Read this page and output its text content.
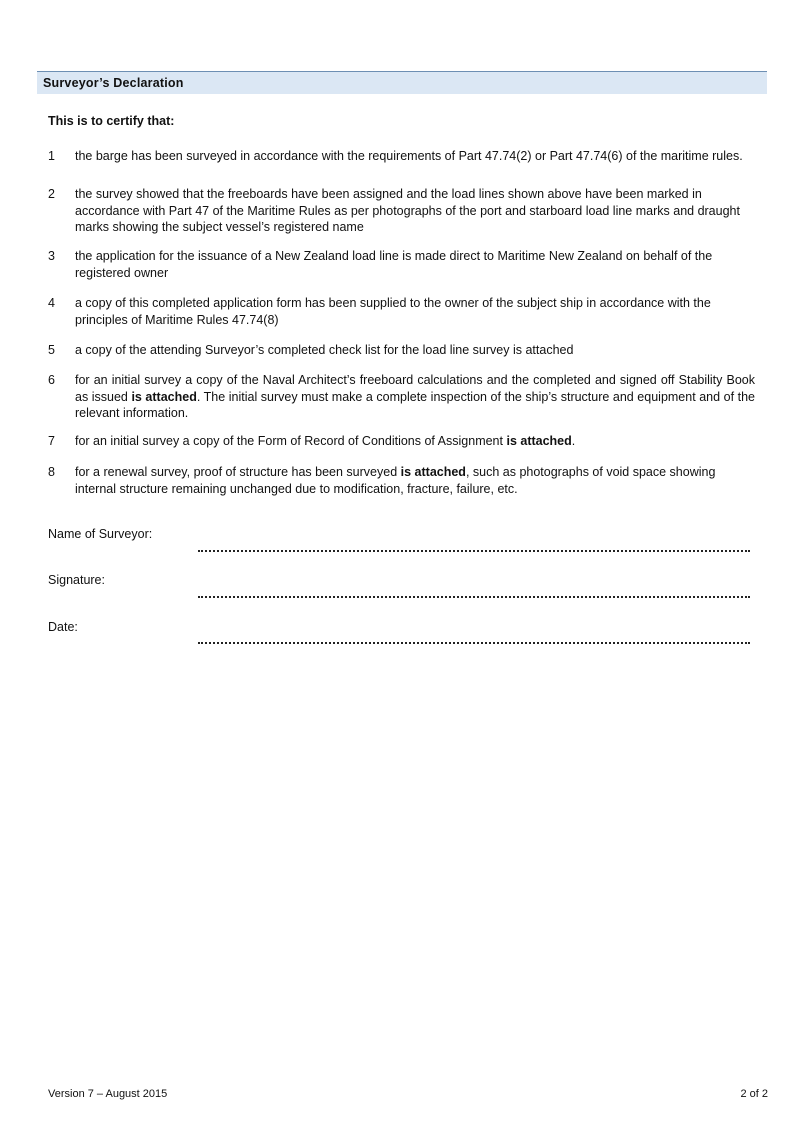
Surveyor’s Declaration
This is to certify that:
1 the barge has been surveyed in accordance with the requirements of Part 47.74(2) or Part 47.74(6) of the maritime rules.
2 the survey showed that the freeboards have been assigned and the load lines shown above have been marked in accordance with Part 47 of the Maritime Rules as per photographs of the port and starboard load line marks and draught marks showing the subject vessel’s registered name
3 the application for the issuance of a New Zealand load line is made direct to Maritime New Zealand on behalf of the registered owner
4 a copy of this completed application form has been supplied to the owner of the subject ship in accordance with the principles of Maritime Rules 47.74(8)
5 a copy of the attending Surveyor’s completed check list for the load line survey is attached
6 for an initial survey a copy of the Naval Architect’s freeboard calculations and the completed and signed off Stability Book as issued is attached. The initial survey must make a complete inspection of the ship’s structure and equipment and of the relevant information.
7 for an initial survey a copy of the Form of Record of Conditions of Assignment is attached.
8 for a renewal survey, proof of structure has been surveyed is attached, such as photographs of void space showing internal structure remaining unchanged due to modification, fracture, failure, etc.
Name of Surveyor:
Signature:
Date:
Version 7 – August 2015	2 of 2
